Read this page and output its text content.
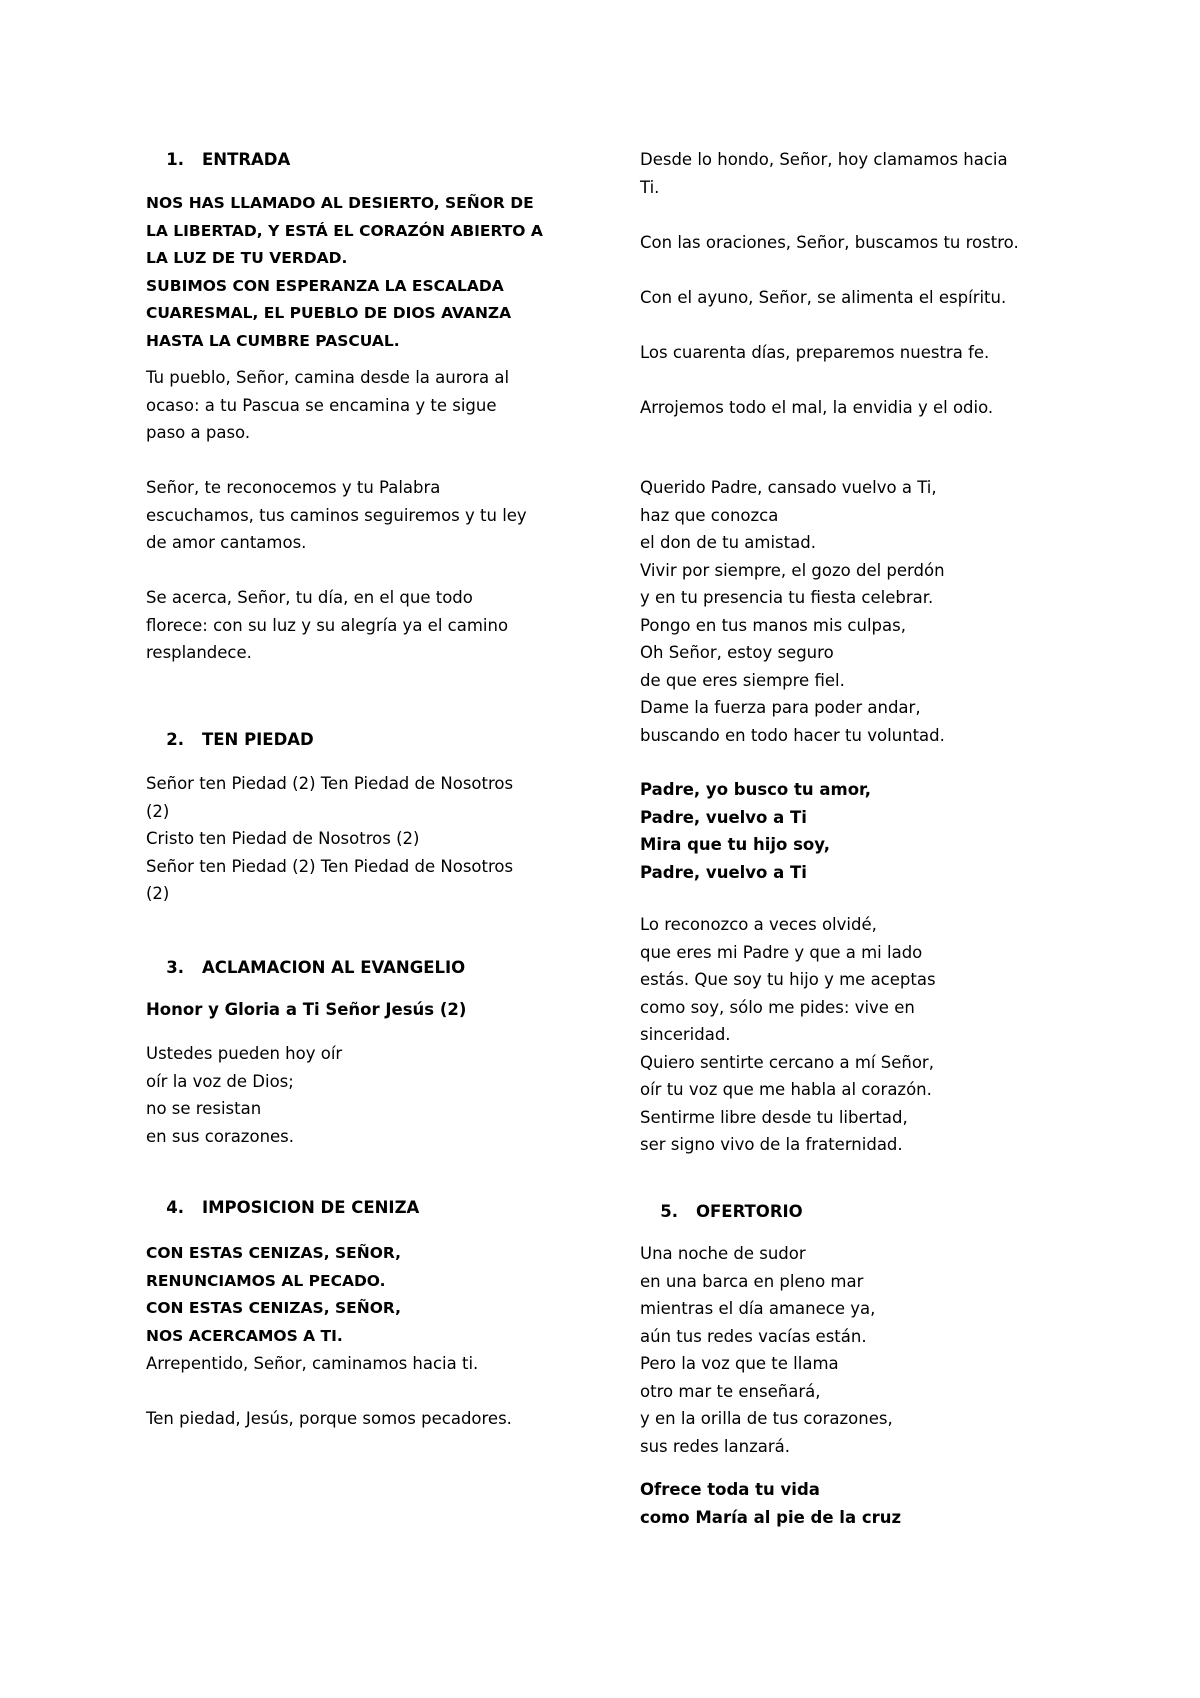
1. ENTRADA
NOS HAS LLAMADO AL DESIERTO, SEÑOR DE
LA LIBERTAD, Y ESTÁ EL CORAZÓN ABIERTO A
LA LUZ DE TU VERDAD.
SUBIMOS CON ESPERANZA LA ESCALADA
CUARESMAL, EL PUEBLO DE DIOS AVANZA
HASTA LA CUMBRE PASCUAL.
Tu pueblo, Señor, camina desde la aurora al
ocaso: a tu Pascua se encamina y te sigue
paso a paso.
Señor, te reconocemos y tu Palabra
escuchamos, tus caminos seguiremos y tu ley
de amor cantamos.
Se acerca, Señor, tu día, en el que todo
florece: con su luz y su alegría ya el camino
resplandece.
2. TEN PIEDAD
Señor ten Piedad (2) Ten Piedad de Nosotros
(2)
Cristo ten Piedad de Nosotros (2)
Señor ten Piedad (2) Ten Piedad de Nosotros
(2)
3. ACLAMACION AL EVANGELIO
Honor y Gloria a Ti Señor Jesús (2)
Ustedes pueden hoy oír
oír la voz de Dios;
no se resistan
en sus corazones.
4. IMPOSICION DE CENIZA
CON ESTAS CENIZAS, SEÑOR,
RENUNCIAMOS AL PECADO.
CON ESTAS CENIZAS, SEÑOR,
NOS ACERCAMOS A TI.
Arrepentido, Señor, caminamos hacia ti.
Ten piedad, Jesús, porque somos pecadores.
Desde lo hondo, Señor, hoy clamamos hacia
Ti.
Con las oraciones, Señor, buscamos tu rostro.
Con el ayuno, Señor, se alimenta el espíritu.
Los cuarenta días, preparemos nuestra fe.
Arrojemos todo el mal, la envidia y el odio.
Querido Padre, cansado vuelvo a Ti,
haz que conozca
el don de tu amistad.
Vivir por siempre, el gozo del perdón
y en tu presencia tu fiesta celebrar.
Pongo en tus manos mis culpas,
Oh Señor, estoy seguro
de que eres siempre fiel.
Dame la fuerza para poder andar,
buscando en todo hacer tu voluntad.
Padre, yo busco tu amor,
Padre, vuelvo a Ti
Mira que tu hijo soy,
Padre, vuelvo a Ti
Lo reconozco a veces olvidé,
que eres mi Padre y que a mi lado
estás. Que soy tu hijo y me aceptas
como soy, sólo me pides: vive en
sinceridad.
Quiero sentirte cercano a mí Señor,
oír tu voz que me habla al corazón.
Sentirme libre desde tu libertad,
ser signo vivo de la fraternidad.
5. OFERTORIO
Una noche de sudor
en una barca en pleno mar
mientras el día amanece ya,
aún tus redes vacías están.
Pero la voz que te llama
otro mar te enseñará,
y en la orilla de tus corazones,
sus redes lanzará.
Ofrece toda tu vida
como María al pie de la cruz
